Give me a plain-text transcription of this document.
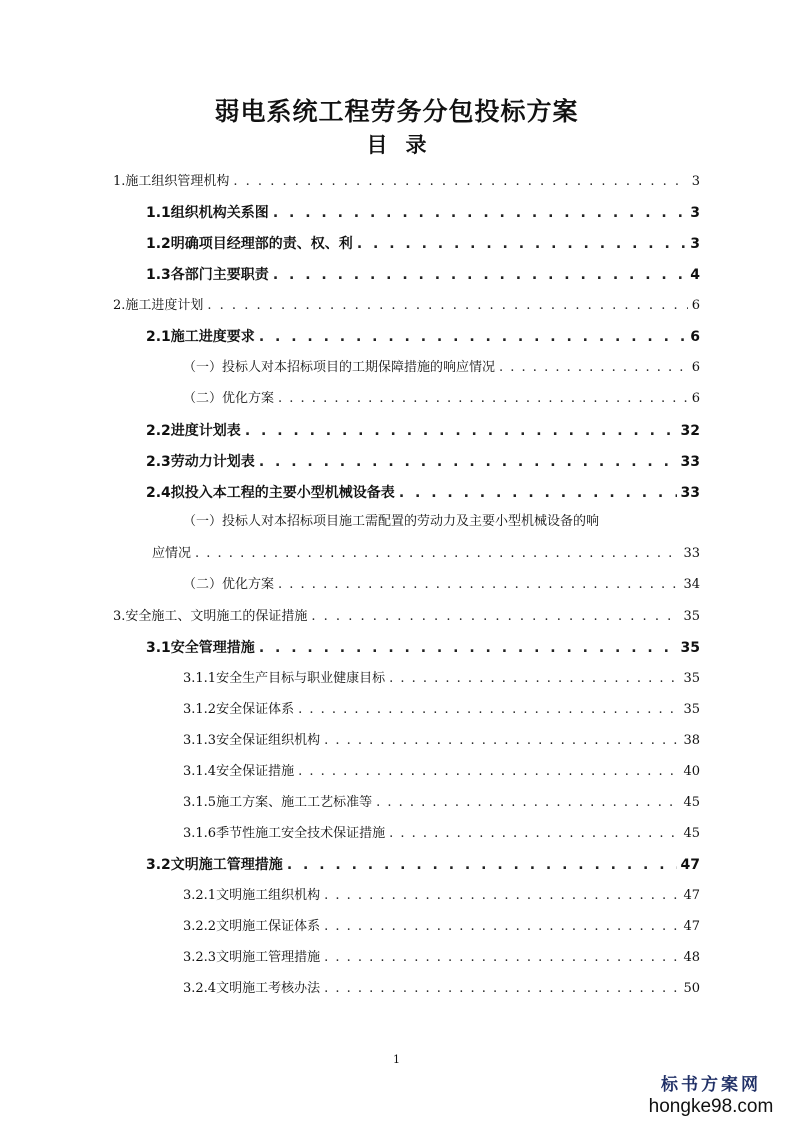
弱电系统工程劳务分包投标方案
目录
1.施工组织管理机构 . . .	3
1.1组织机构关系图 . . .	3
1.2明确项目经理部的责、权、利 . . .	3
1.3各部门主要职责 . . .	4
2.施工进度计划 . . .	6
2.1施工进度要求 . . .	6
（一）投标人对本招标项目的工期保障措施的响应情况 . . .	6
（二）优化方案 . . .	6
2.2进度计划表 . . .	32
2.3劳动力计划表 . . .	33
2.4拟投入本工程的主要小型机械设备表 . . .	33
（一）投标人对本招标项目施工需配置的劳动力及主要小型机械设备的响
应情况 . . .	33
（二）优化方案 . . .	34
3.安全施工、文明施工的保证措施 . . .	35
3.1安全管理措施 . . .	35
3.1.1安全生产目标与职业健康目标 . . .	35
3.1.2安全保证体系 . . .	35
3.1.3安全保证组织机构 . . .	38
3.1.4安全保证措施 . . .	40
3.1.5施工方案、施工工艺标准等 . . .	45
3.1.6季节性施工安全技术保证措施 . . .	45
3.2文明施工管理措施 . . .	47
3.2.1文明施工组织机构 . . .	47
3.2.2文明施工保证体系 . . .	47
3.2.3文明施工管理措施 . . .	48
3.2.4文明施工考核办法 . . .	50
1
标书方案网
hongke98.com
